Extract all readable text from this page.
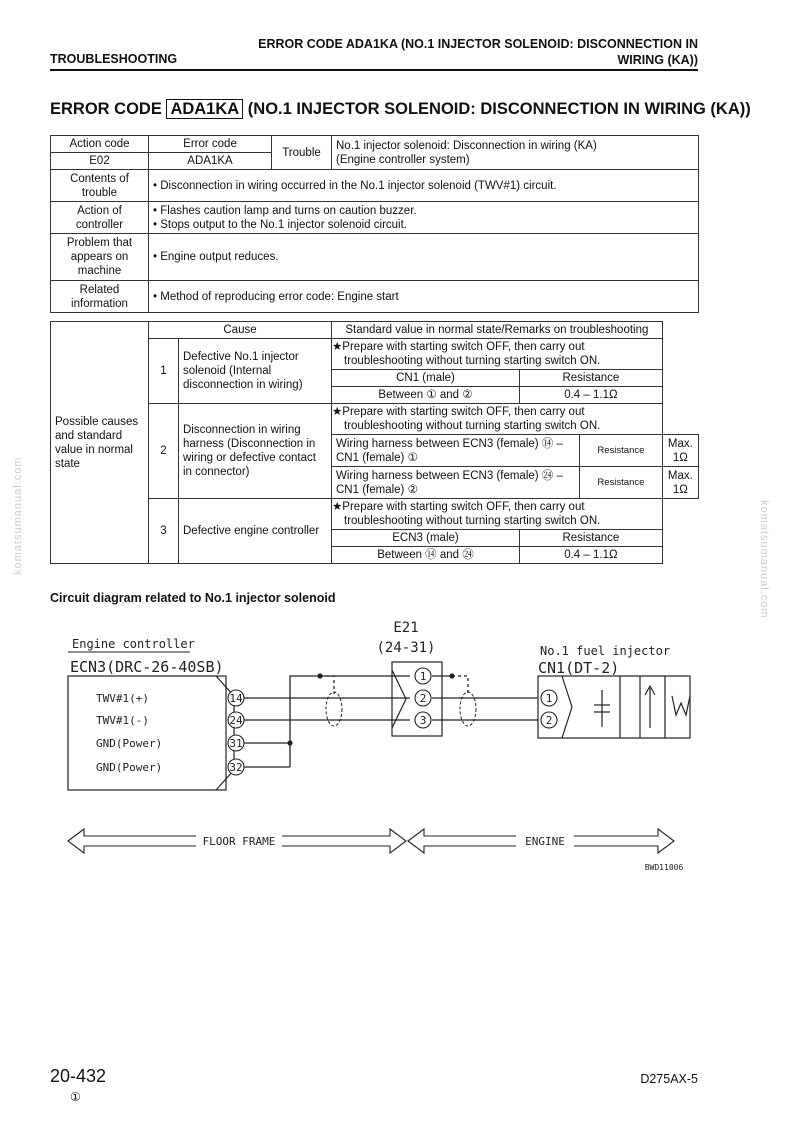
ERROR CODE ADA1KA (NO.1 INJECTOR SOLENOID: DISCONNECTION IN
WIRING (KA))
TROUBLESHOOTING
ERROR CODE ADA1KA (NO.1 INJECTOR SOLENOID: DISCONNECTION IN WIRING (KA))
Action code	Error code	Trouble	No.1 injector solenoid: Disconnection in wiring (KA)
(Engine controller system)

E02	ADA1KA		
Contents of trouble	• Disconnection in wiring occurred in the No.1 injector solenoid (TWV#1) circuit.

Action of controller	• Flashes caution lamp and turns on caution buzzer.
• Stops output to the No.1 injector solenoid circuit.

Problem that appears on machine	• Engine output reduces.

Related information	• Method of reproducing error code: Engine start
Possible causes and standard value in normal state	Cause		Standard value in normal state/Remarks on troubleshooting			
	1	Defective No.1 injector solenoid (Internal disconnection in wiring)	★Prepare with starting switch OFF, then carry out troubleshooting without turning starting switch ON.			
			CN1 (male)	Resistance		
			Between ① and ②	0.4 – 1.1Ω		
	2	Disconnection in wiring harness (Disconnection in wiring or defective contact in connector)	★Prepare with starting switch OFF, then carry out troubleshooting without turning starting switch ON.			
			Wiring harness between ECN3 (female) ⑭ – CN1 (female) ①		Resistance	Max. 1Ω
			Wiring harness between ECN3 (female) ㉔ – CN1 (female) ②		Resistance	Max. 1Ω
	3	Defective engine controller	★Prepare with starting switch OFF, then carry out troubleshooting without turning starting switch ON.			
			ECN3 (male)	Resistance		
			Between ⑭ and ㉔	0.4 – 1.1Ω		
Circuit diagram related to No.1 injector solenoid
14
24
31
32
1
2
3
1
2
Engine controller
ECN3(DRC-26-40SB)
TWV#1(+)
TWV#1(-)
GND(Power)
GND(Power)
E21
(24-31)	No.1 fuel injector
CN1(DT-2)
FLOOR FRAME	ENGINE
BWD11006
komatsumanual.com	komatsumanual.com
20-432
①
D275AX-5
